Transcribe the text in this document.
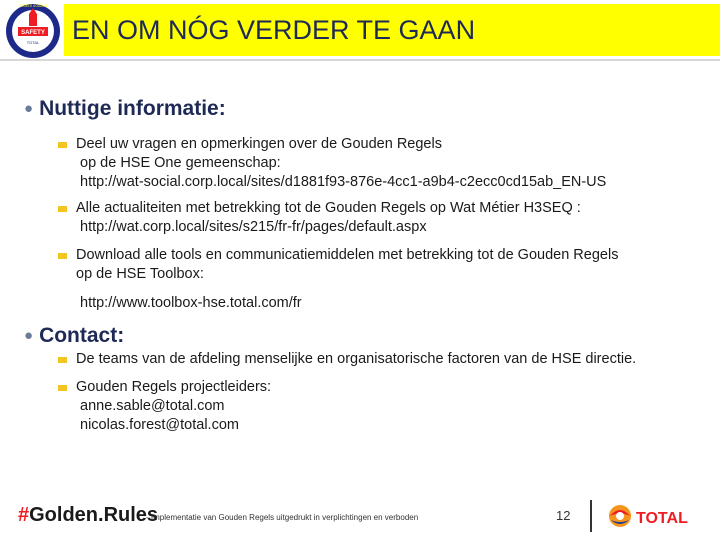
SAFETY
TOTAL
REGELS GOUDEN
EN OM NÓG VERDER TE GAAN
● Nuttige informatie:
Deel uw vragen en opmerkingen over de Gouden Regels
op de HSE One gemeenschap:
http://wat-social.corp.local/sites/d1881f93-876e-4cc1-a9b4-c2ecc0cd15ab_EN-US
Alle actualiteiten met betrekking tot de Gouden Regels op Wat Métier H3SEQ :
http://wat.corp.local/sites/s215/fr-fr/pages/default.aspx
Download alle tools en communicatiemiddelen met betrekking tot de Gouden Regels
op de HSE Toolbox:
http://www.toolbox-hse.total.com/fr
● Contact:
De teams van de afdeling menselijke en organisatorische factoren van de HSE directie.
Gouden Regels projectleiders:
anne.sable@total.com
nicolas.forest@total.com
#Golden.Rules
- Implementatie van Gouden Regels uitgedrukt in verplichtingen en verboden	12	TOTAL
